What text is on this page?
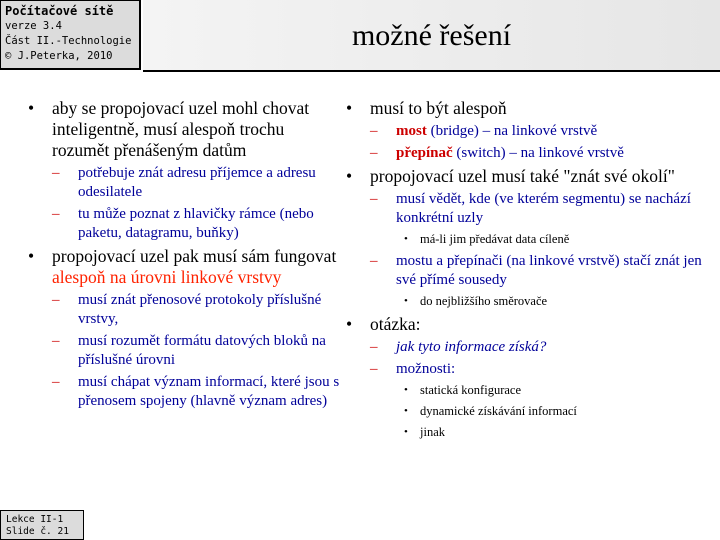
Počítačové sítě
verze 3.4
Část II.-Technologie
© J.Peterka, 2010
možné řešení
• aby se propojovací uzel mohl chovat inteligentně, musí alespoň trochu rozumět přenášeným datům
– potřebuje znát adresu příjemce a adresu odesilatele
– tu může poznat z hlavičky rámce (nebo paketu, datagramu, buňky)
• propojovací uzel pak musí sám fungovat alespoň na úrovni linkové vrstvy
– musí znát přenosové protokoly příslušné vrstvy,
– musí rozumět formátu datových bloků na příslušné úrovni
– musí chápat význam informací, které jsou s přenosem spojeny (hlavně význam adres)
• musí to být alespoň
– most (bridge) – na linkové vrstvě
– přepínač (switch) – na linkové vrstvě
• propojovací uzel musí také "znát své okolí"
– musí vědět, kde (ve kterém segmentu) se nachází konkrétní uzly
• má-li jim předávat data cíleně
– mostu a přepínači (na linkové vrstvě) stačí znát jen své přímé sousedy
• do nejbližšího směrovače
• otázka:
– jak tyto informace získá?
– možnosti:
• statická konfigurace
• dynamické získávání informací
• jinak
Lekce II-1
Slide č. 21
